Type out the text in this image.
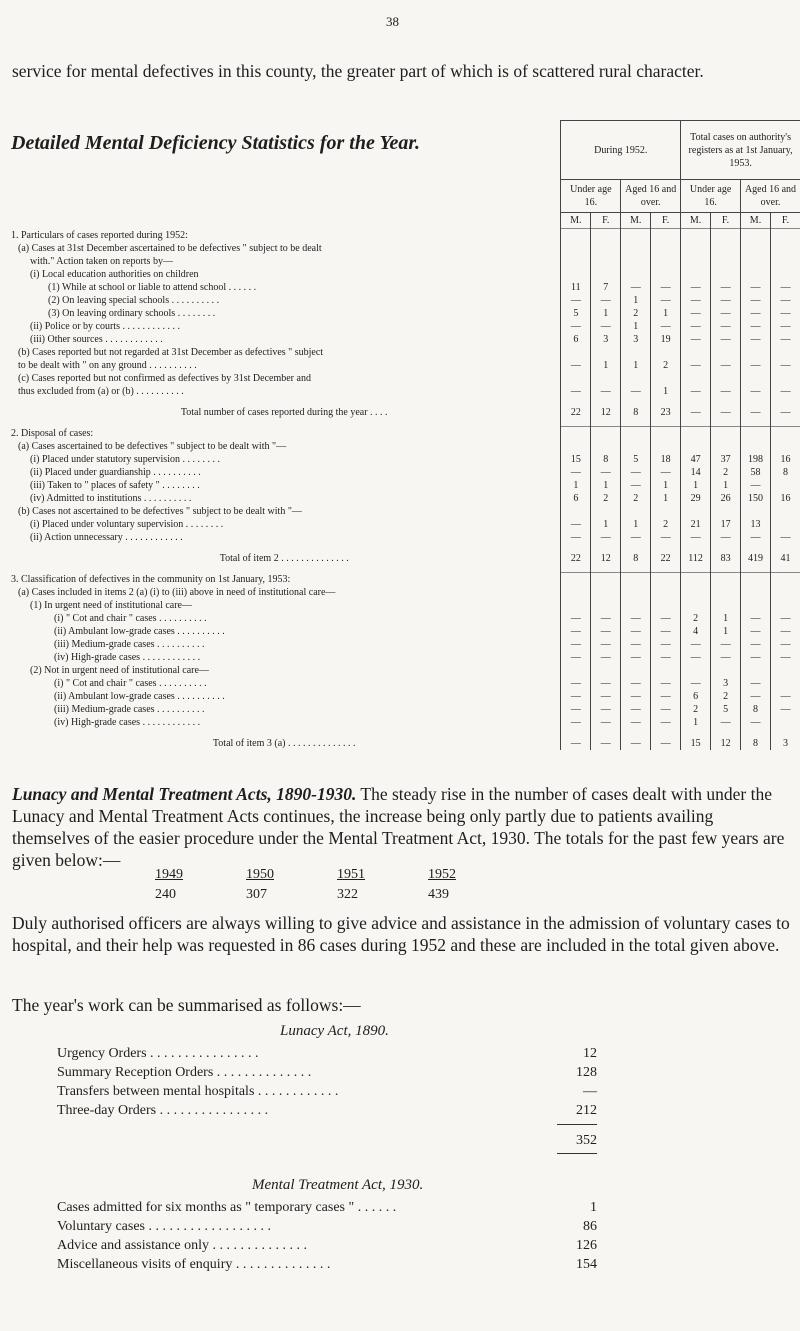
38
service for mental defectives in this county, the greater part of which is of scattered rural character.
Detailed Mental Deficiency Statistics for the Year.	During 1952.				Total cases on authority's registers as at 1st January, 1953.			
	Under age 16.		Aged 16 and over.		Under age 16.		Aged 16 and over.	
	M.	F.	M.	F.	M.	F.	M.	F.
1. Particulars of cases reported during 1952:								
(a) Cases at 31st December ascertained to be defectives " subject to be dealt								
with." Action taken on reports by—								
(i) Local education authorities on children								
(1) While at school or liable to attend school . . . . . .	11	7	—	—	—	—	—	—
(2) On leaving special schools . . . . . . . . . .	—	—	1	—	—	—	—	—
(3) On leaving ordinary schools . . . . . . . .	5	1	2	1	—	—	—	—
(ii) Police or by courts . . . . . . . . . . . .	—	—	1	—	—	—	—	—
(iii) Other sources . . . . . . . . . . . .	6	3	3	19	—	—	—	—
(b) Cases reported but not regarded at 31st December as defectives " subject								
to be dealt with " on any ground . . . . . . . . . .	—	1	1	2	—	—	—	—
(c) Cases reported but not confirmed as defectives by 31st December and								
thus excluded from (a) or (b) . . . . . . . . . .	—	—	—	1	—	—	—	—

Total number of cases reported during the year . . . .	22	12	8	23	—	—	—	—

2. Disposal of cases:								
(a) Cases ascertained to be defectives " subject to be dealt with "—								
(i) Placed under statutory supervision . . . . . . . .	15	8	5	18	47	37	198	16
(ii) Placed under guardianship . . . . . . . . . .	—	—	—	—	14	2	58	8
(iii) Taken to " places of safety " . . . . . . . .	1	1	—	1	1	1	—	
(iv) Admitted to institutions . . . . . . . . . .	6	2	2	1	29	26	150	16
(b) Cases not ascertained to be defectives " subject to be dealt with "—								
(i) Placed under voluntary supervision . . . . . . . .	—	1	1	2	21	17	13	
(ii) Action unnecessary . . . . . . . . . . . .	—	—	—	—	—	—	—	—

Total of item 2 . . . . . . . . . . . . . .	22	12	8	22	112	83	419	41

3. Classification of defectives in the community on 1st January, 1953:								
(a) Cases included in items 2 (a) (i) to (iii) above in need of institutional care—								
(1) In urgent need of institutional care—								
(i) " Cot and chair " cases . . . . . . . . . .	—	—	—	—	2	1	—	—
(ii) Ambulant low-grade cases . . . . . . . . . .	—	—	—	—	4	1	—	—
(iii) Medium-grade cases . . . . . . . . . .	—	—	—	—	—	—	—	—
(iv) High-grade cases . . . . . . . . . . . .	—	—	—	—	—	—	—	—
(2) Not in urgent need of institutional care—								
(i) " Cot and chair " cases . . . . . . . . . .	—	—	—	—	—	3	—	
(ii) Ambulant low-grade cases . . . . . . . . . .	—	—	—	—	6	2	—	—
(iii) Medium-grade cases . . . . . . . . . .	—	—	—	—	2	5	8	—
(iv) High-grade cases . . . . . . . . . . . .	—	—	—	—	1	—	—	

Total of item 3 (a) . . . . . . . . . . . . . .	—	—	—	—	15	12	8	3
Lunacy and Mental Treatment Acts, 1890-1930. The steady rise in the number of cases dealt with under the Lunacy and Mental Treatment Acts continues, the increase being only partly due to patients availing themselves of the easier procedure under the Mental Treatment Act, 1930. The totals for the past few years are given below:—
1949	1950	1951	1952
240	307	322	439
Duly authorised officers are always willing to give advice and assistance in the admission of voluntary cases to hospital, and their help was requested in 86 cases during 1952 and these are included in the total given above.
The year's work can be summarised as follows:—
Lunacy Act, 1890.
Urgency Orders . . . . . . . . . . . . . . . .	12
Summary Reception Orders . . . . . . . . . . . . . .	128
Transfers between mental hospitals . . . . . . . . . . . .	—
Three-day Orders . . . . . . . . . . . . . . . .	212
352
Mental Treatment Act, 1930.
Cases admitted for six months as " temporary cases " . . . . . .	1
Voluntary cases . . . . . . . . . . . . . . . . . .	86
Advice and assistance only . . . . . . . . . . . . . .	126
Miscellaneous visits of enquiry . . . . . . . . . . . . . .	154
